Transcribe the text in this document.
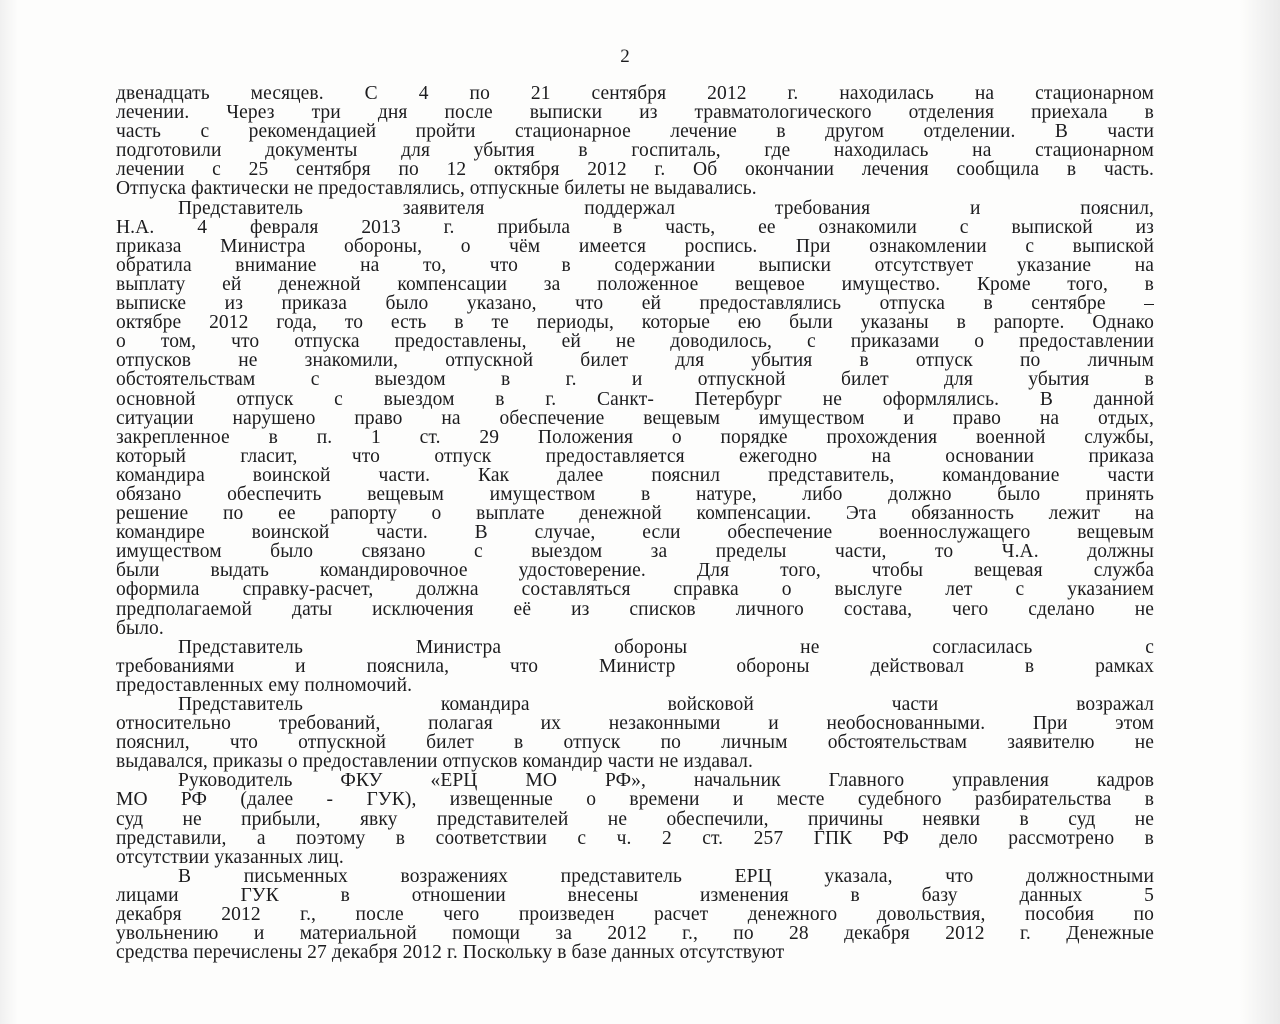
2
двенадцать месяцев. С 4 по 21 сентября 2012 г. находилась на стационарном
лечении. Через три дня после выписки из травматологического отделения приехала в
часть с рекомендацией пройти стационарное лечение в другом отделении. В части
подготовили документы для убытия в госпиталь, где находилась на стационарном
лечении с 25 сентября по 12 октября 2012 г. Об окончании лечения сообщила в часть.
Отпуска фактически не предоставлялись, отпускные билеты не выдавались.
Представитель заявителя поддержал требования и пояснил,
Н.А. 4 февраля 2013 г. прибыла в часть, ее ознакомили с выпиской из
приказа Министра обороны, о чём имеется роспись. При ознакомлении с выпиской
обратила внимание на то, что в содержании выписки отсутствует указание на
выплату ей денежной компенсации за положенное вещевое имущество. Кроме того, в
выписке из приказа было указано, что ей предоставлялись отпуска в сентябре –
октябре 2012 года, то есть в те периоды, которые ею были указаны в рапорте. Однако
о том, что отпуска предоставлены, ей не доводилось, с приказами о предоставлении
отпусков не знакомили, отпускной билет для убытия в отпуск по личным
обстоятельствам с выездом в г. и отпускной билет для убытия в
основной отпуск с выездом в г. Санкт- Петербург не оформлялись. В данной
ситуации нарушено право на обеспечение вещевым имуществом и право на отдых,
закрепленное в п. 1 ст. 29 Положения о порядке прохождения военной службы,
который гласит, что отпуск предоставляется ежегодно на основании приказа
командира воинской части. Как далее пояснил представитель, командование части
обязано обеспечить вещевым имуществом в натуре, либо должно было принять
решение по ее рапорту о выплате денежной компенсации. Эта обязанность лежит на
командире воинской части. В случае, если обеспечение военнослужащего вещевым
имуществом было связано с выездом за пределы части, то Ч.А. должны
были выдать командировочное удостоверение. Для того, чтобы вещевая служба
оформила справку-расчет, должна составляться справка о выслуге лет с указанием
предполагаемой даты исключения её из списков личного состава, чего сделано не
было.
Представитель Министра обороны не согласилась с
требованиями и пояснила, что Министр обороны действовал в рамках
предоставленных ему полномочий.
Представитель командира войсковой части возражал
относительно требований, полагая их незаконными и необоснованными. При этом
пояснил, что отпускной билет в отпуск по личным обстоятельствам заявителю не
выдавался, приказы о предоставлении отпусков командир части не издавал.
Руководитель ФКУ «ЕРЦ МО РФ», начальник Главного управления кадров
МО РФ (далее - ГУК), извещенные о времени и месте судебного разбирательства в
суд не прибыли, явку представителей не обеспечили, причины неявки в суд не
представили, а поэтому в соответствии с ч. 2 ст. 257 ГПК РФ дело рассмотрено в
отсутствии указанных лиц.
В письменных возражениях представитель ЕРЦ указала, что должностными
лицами ГУК в отношении внесены изменения в базу данных 5
декабря 2012 г., после чего произведен расчет денежного довольствия, пособия по
увольнению и материальной помощи за 2012 г., по 28 декабря 2012 г. Денежные
средства перечислены 27 декабря 2012 г. Поскольку в базе данных отсутствуют
